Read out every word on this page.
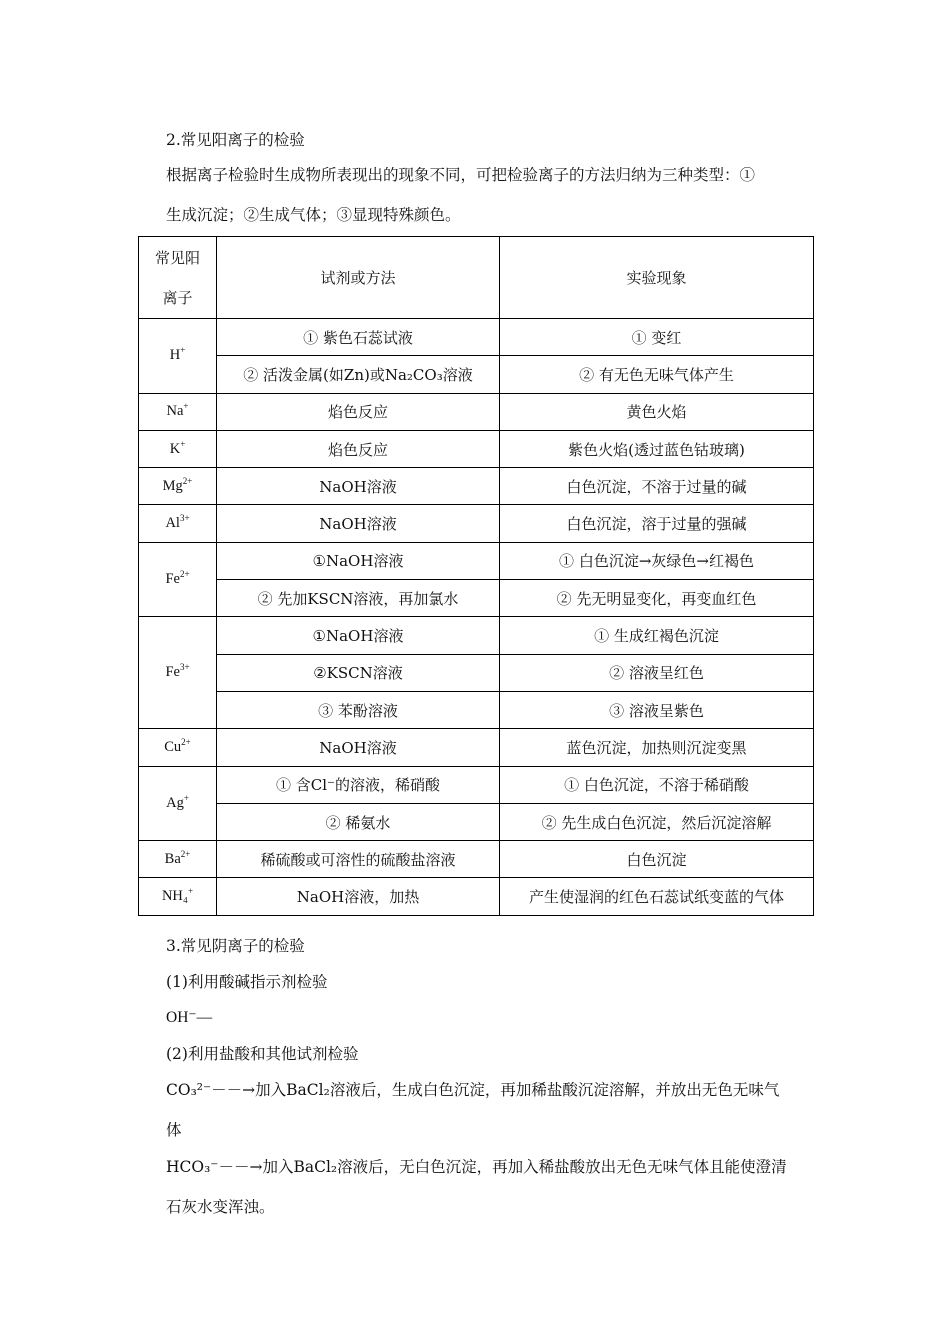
2.常见阳离子的检验
根据离子检验时生成物所表现出的现象不同，可把检验离子的方法归纳为三种类型：①
生成沉淀；②生成气体；③显现特殊颜色。
常见阳离子	试剂或方法	实验现象
H+	① 紫色石蕊试液	① 变红
	② 活泼金属(如Zn)或Na₂CO₃溶液	② 有无色无味气体产生
Na+	焰色反应	黄色火焰
K+	焰色反应	紫色火焰(透过蓝色钴玻璃)
$Mg^{2+}$	NaOH溶液	白色沉淀，不溶于过量的碱
$Al^{3+}$	NaOH溶液	白色沉淀，溶于过量的强碱
$Fe^{2+}$	①NaOH溶液	① 白色沉淀→灰绿色→红褐色
	② 先加KSCN溶液，再加氯水	② 先无明显变化，再变血红色
$Fe^{3+}$	①NaOH溶液	① 生成红褐色沉淀
	②KSCN溶液	② 溶液呈红色
	③ 苯酚溶液	③ 溶液呈紫色
$Cu^{2+}$	NaOH溶液	蓝色沉淀，加热则沉淀变黑
Ag+	① 含Cl⁻的溶液，稀硝酸	① 白色沉淀，不溶于稀硝酸
	② 稀氨水	② 先生成白色沉淀，然后沉淀溶解
$Ba^{2+}$	稀硫酸或可溶性的硫酸盐溶液	白色沉淀
NH₄+	NaOH溶液，加热	产生使湿润的红色石蕊试纸变蓝的气体
3.常见阴离子的检验
(1)利用酸碱指示剂检验
OH⁻—
(2)利用盐酸和其他试剂检验
CO₃²⁻－－→加入BaCl₂溶液后，生成白色沉淀，再加稀盐酸沉淀溶解，并放出无色无味气
体
HCO₃⁻－－→加入BaCl₂溶液后，无白色沉淀，再加入稀盐酸放出无色无味气体且能使澄清
石灰水变浑浊。
